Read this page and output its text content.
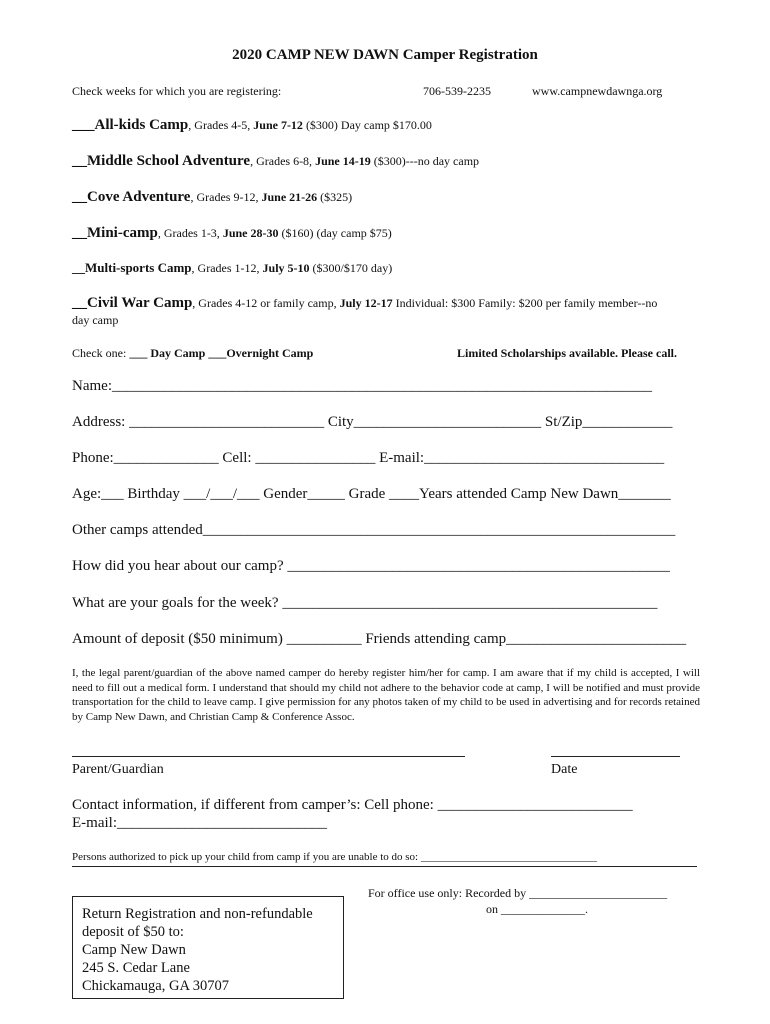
2020 CAMP NEW DAWN Camper Registration
Check weeks for which you are registering:	706-539-2235	www.campnewdawnga.org
___All-kids Camp, Grades 4-5, June 7-12 ($300) Day camp $170.00
__Middle School Adventure, Grades 6-8, June 14-19 ($300)---no day camp
__Cove Adventure, Grades 9-12, June 21-26 ($325)
__Mini-camp, Grades 1-3, June 28-30 ($160) (day camp $75)
__Multi-sports Camp, Grades 1-12, July 5-10 ($300/$170 day)
__Civil War Camp, Grades 4-12 or family camp, July 12-17 Individual: $300 Family: $200 per family member--no
day camp
Check one: ___ Day Camp ___Overnight Camp	Limited Scholarships available. Please call.
Name:________________________________________________________________________
Address: __________________________ City_________________________ St/Zip____________
Phone:______________ Cell: ________________ E-mail:________________________________
Age:___ Birthday ___/___/___ Gender_____ Grade ____Years attended Camp New Dawn_______
Other camps attended_______________________________________________________________
How did you hear about our camp? ___________________________________________________
What are your goals for the week? __________________________________________________
Amount of deposit ($50 minimum) __________ Friends attending camp________________________
I, the legal parent/guardian of the above named camper do hereby register him/her for camp. I am aware that if my child is accepted, I will need to fill out a medical form. I understand that should my child not adhere to the behavior code at camp, I will be notified and must provide transportation for the child to leave camp. I give permission for any photos taken of my child to be used in advertising and for records retained by Camp New Dawn, and Christian Camp & Conference Assoc.
Parent/Guardian	Date
Contact information, if different from camper’s: Cell phone: __________________________
E-mail:____________________________
Persons authorized to pick up your child from camp if you are unable to do so: ________________________________
For office use only: Recorded by _______________________
on ______________.
Return Registration and non-refundable
deposit of $50 to:
Camp New Dawn
245 S. Cedar Lane
Chickamauga, GA 30707
